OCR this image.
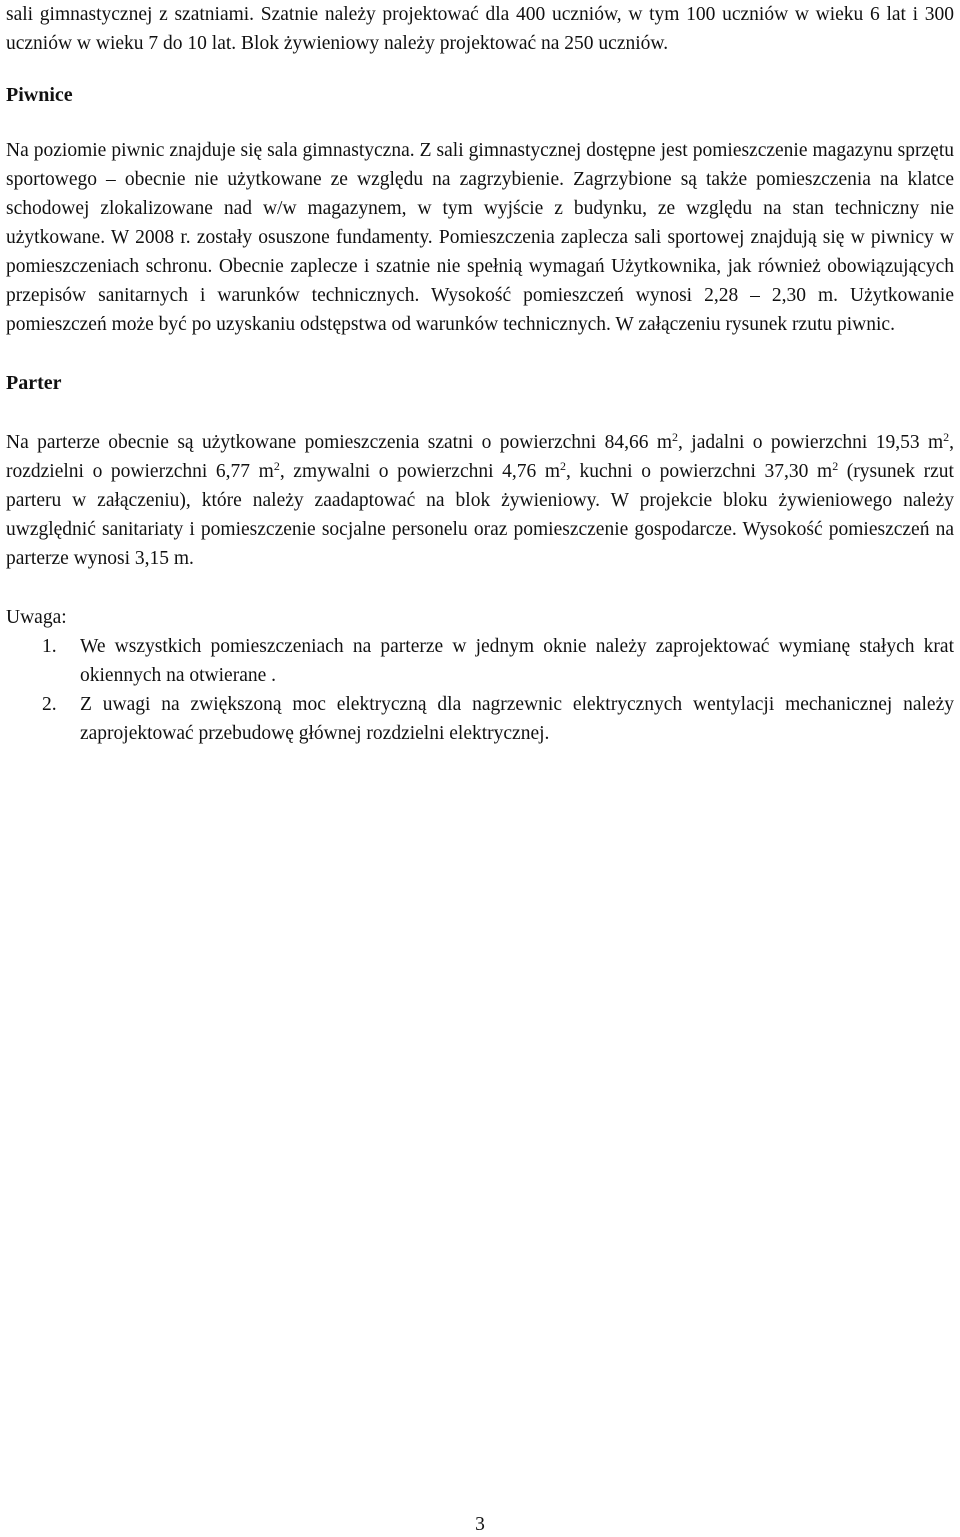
sali gimnastycznej z szatniami. Szatnie należy projektować dla 400 uczniów, w tym 100 uczniów w wieku 6 lat i 300 uczniów w wieku 7 do 10 lat. Blok żywieniowy należy projektować na 250 uczniów.

Piwnice

Na poziomie piwnic znajduje się sala gimnastyczna. Z sali gimnastycznej dostępne jest pomieszczenie magazynu sprzętu sportowego – obecnie nie użytkowane ze względu na zagrzybienie. Zagrzybione są także pomieszczenia na klatce schodowej zlokalizowane nad w/w magazynem, w tym wyjście z budynku, ze względu na stan techniczny nie użytkowane. W 2008 r. zostały osuszone fundamenty. Pomieszczenia zaplecza sali sportowej znajdują się w piwnicy w pomieszczeniach schronu. Obecnie zaplecze i szatnie nie spełnią wymagań Użytkownika, jak również obowiązujących przepisów sanitarnych i warunków technicznych. Wysokość pomieszczeń wynosi 2,28 – 2,30 m. Użytkowanie pomieszczeń może być po uzyskaniu odstępstwa od warunków technicznych. W załączeniu rysunek rzutu piwnic.

Parter

Na parterze obecnie są użytkowane pomieszczenia szatni o powierzchni 84,66 $m^2$, jadalni o powierzchni 19,53 $m^2$, rozdzielni o powierzchni 6,77 $m^2$, zmywalni o powierzchni 4,76 $m^2$, kuchni o powierzchni 37,30 $m^2$ (rysunek rzut parteru w załączeniu), które należy zaadaptować na blok żywieniowy. W projekcie bloku żywieniowego należy uwzględnić sanitariaty i pomieszczenie socjalne personelu oraz pomieszczenie gospodarcze. Wysokość pomieszczeń na parterze wynosi 3,15 m.

Uwaga:

1. We wszystkich pomieszczeniach na parterze w jednym oknie należy zaprojektować wymianę stałych krat okiennych na otwierane .
2. Z uwagi na zwiększoną moc elektryczną dla nagrzewnic elektrycznych wentylacji mechanicznej należy zaprojektować przebudowę głównej rozdzielni elektrycznej.
3
